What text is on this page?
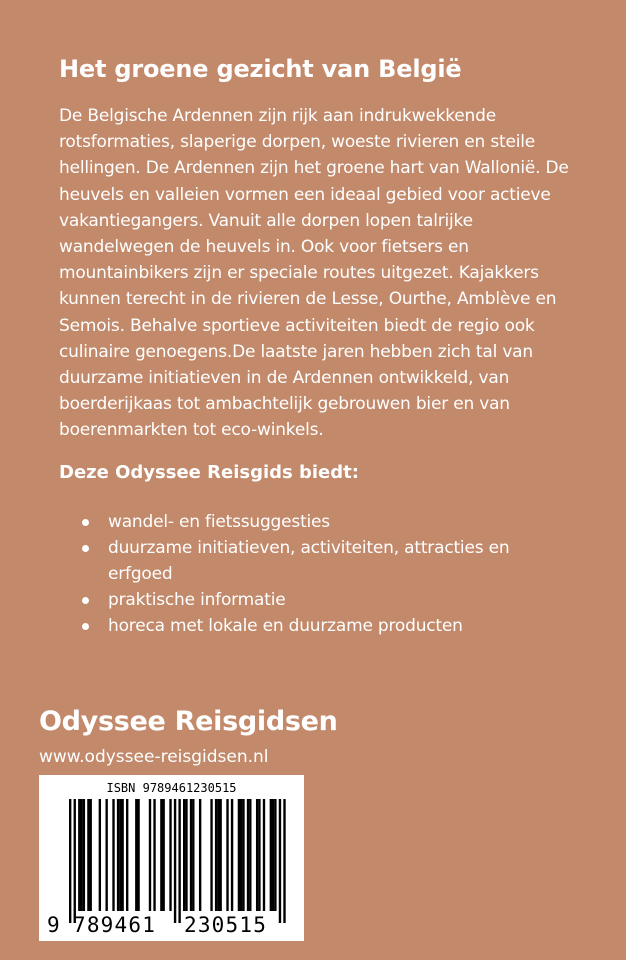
Het groene gezicht van België

De Belgische Ardennen zijn rijk aan indrukwekkende rotsformaties, slaperige dorpen, woeste rivieren en steile hellingen. De Ardennen zijn het groene hart van Wallonië. De heuvels en valleien vormen een ideaal gebied voor actieve vakantiegangers. Vanuit alle dorpen lopen talrijke wandelwegen de heuvels in. Ook voor fietsers en mountainbikers zijn er speciale routes uitgezet. Kajakkers kunnen terecht in de rivieren de Lesse, Ourthe, Amblève en Semois. Behalve sportieve activiteiten biedt de regio ook culinaire genoegens.De laatste jaren hebben zich tal van duurzame initiatieven in de Ardennen ontwikkeld, van boerderijkaas tot ambachtelijk gebrouwen bier en van boerenmarkten tot eco-winkels.

Deze Odyssee Reisgids biedt:
wandel- en fietssuggesties
duurzame initiatieven, activiteiten, attracties en erfgoed
praktische informatie
horeca met lokale en duurzame producten
Odyssee Reisgidsen
www.odyssee-reisgidsen.nl
ISBN 9789461230515
9 789461 230515
